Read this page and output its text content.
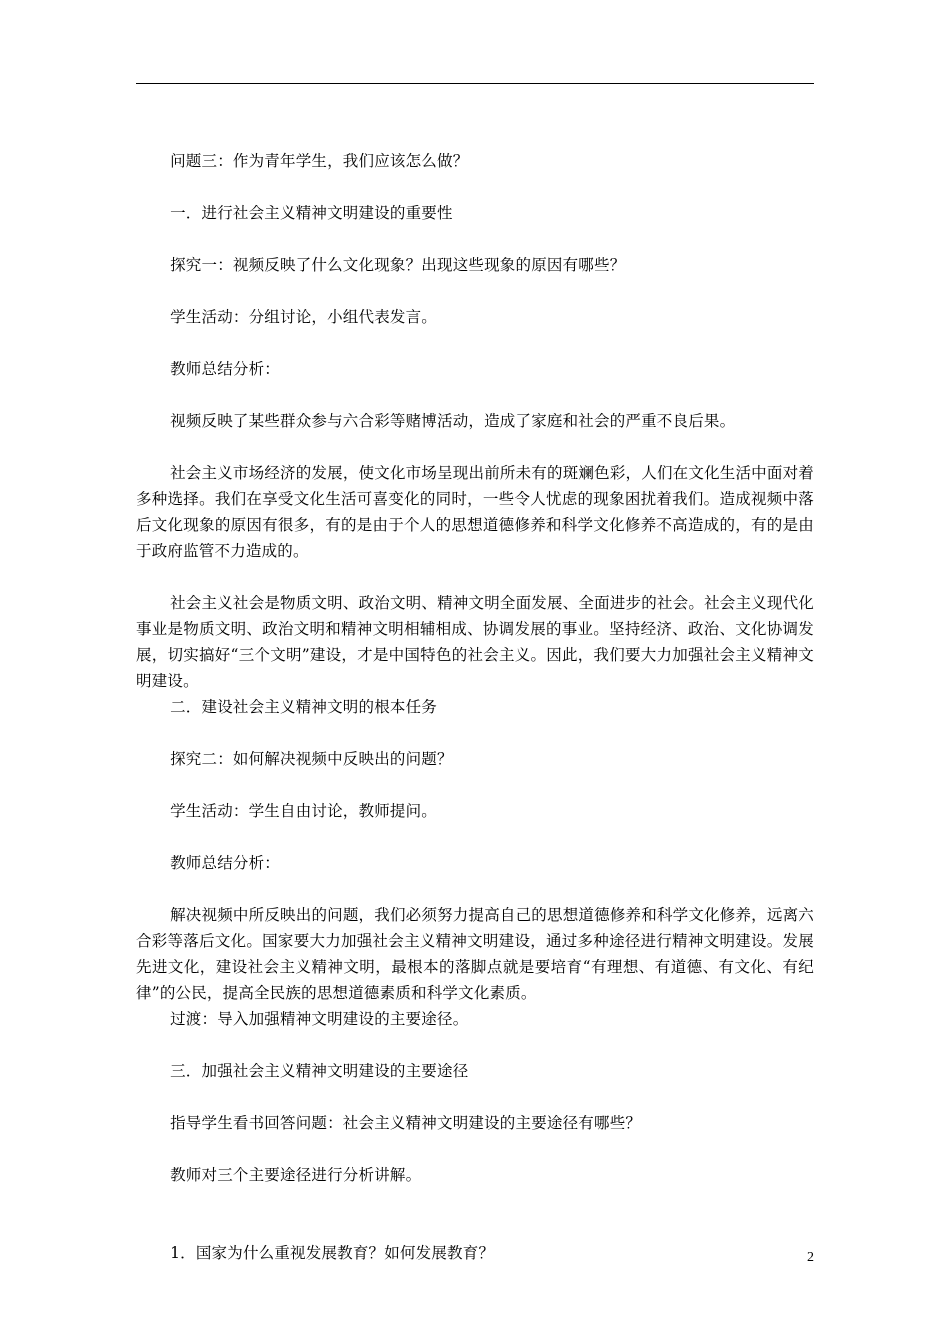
问题三：作为青年学生，我们应该怎么做？

一．进行社会主义精神文明建设的重要性

探究一：视频反映了什么文化现象？出现这些现象的原因有哪些？

学生活动：分组讨论，小组代表发言。

教师总结分析：

视频反映了某些群众参与六合彩等赌博活动，造成了家庭和社会的严重不良后果。

社会主义市场经济的发展，使文化市场呈现出前所未有的斑斓色彩，人们在文化生活中面对着多种选择。我们在享受文化生活可喜变化的同时，一些令人忧虑的现象困扰着我们。造成视频中落后文化现象的原因有很多，有的是由于个人的思想道德修养和科学文化修养不高造成的，有的是由于政府监管不力造成的。

社会主义社会是物质文明、政治文明、精神文明全面发展、全面进步的社会。社会主义现代化事业是物质文明、政治文明和精神文明相辅相成、协调发展的事业。坚持经济、政治、文化协调发展，切实搞好“三个文明”建设，才是中国特色的社会主义。因此，我们要大力加强社会主义精神文明建设。

二．建设社会主义精神文明的根本任务

探究二：如何解决视频中反映出的问题？

学生活动：学生自由讨论，教师提问。

教师总结分析：

解决视频中所反映出的问题，我们必须努力提高自己的思想道德修养和科学文化修养，远离六合彩等落后文化。国家要大力加强社会主义精神文明建设，通过多种途径进行精神文明建设。发展先进文化，建设社会主义精神文明，最根本的落脚点就是要培育“有理想、有道德、有文化、有纪律”的公民，提高全民族的思想道德素质和科学文化素质。

过渡：导入加强精神文明建设的主要途径。

三．加强社会主义精神文明建设的主要途径

指导学生看书回答问题：社会主义精神文明建设的主要途径有哪些？

教师对三个主要途径进行分析讲解。

1．国家为什么重视发展教育？如何发展教育？	2
